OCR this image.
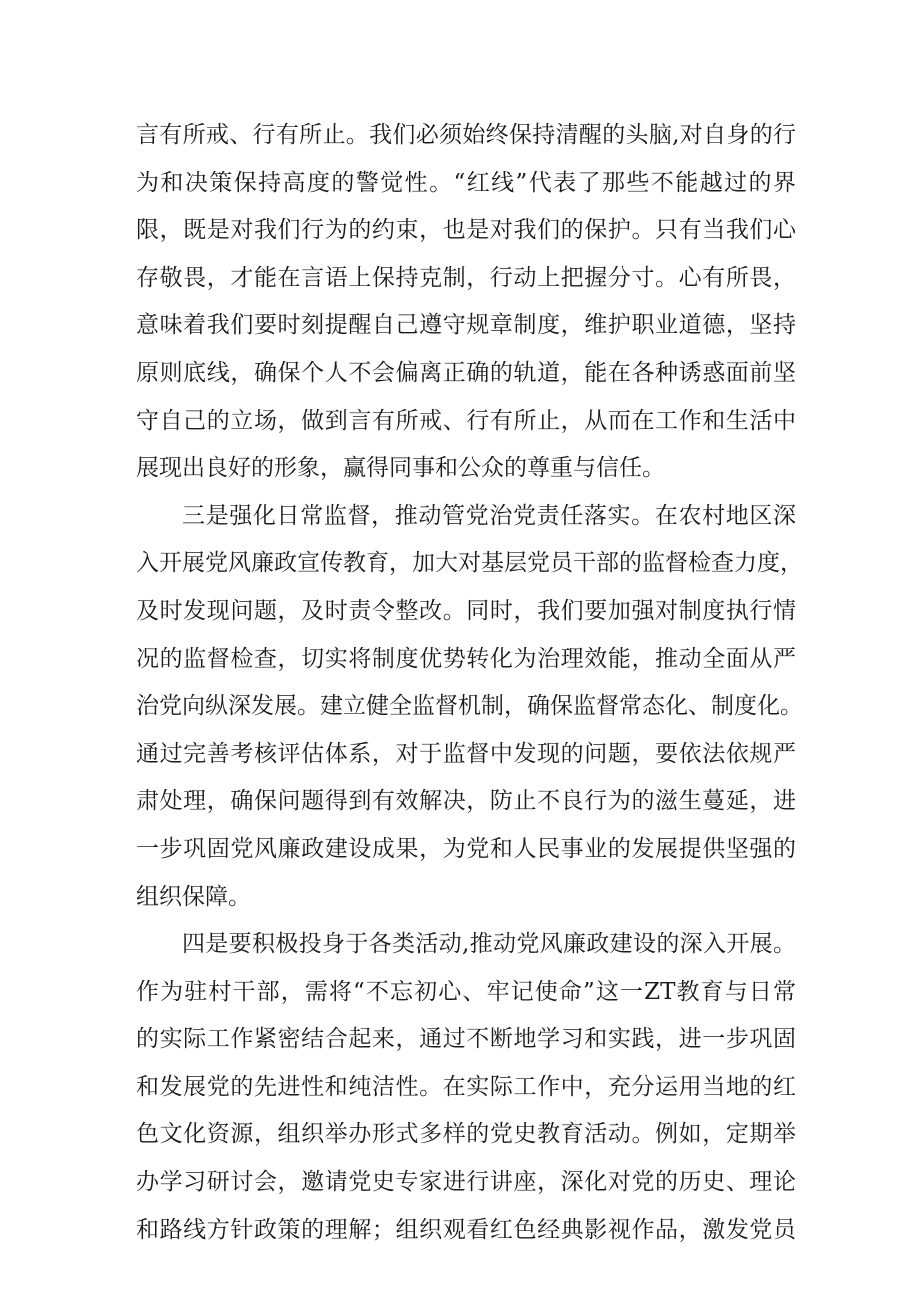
言有所戒、行有所止。我们必须始终保持清醒的头脑,对自身的行
为和决策保持高度的警觉性。“红线”代表了那些不能越过的界
限，既是对我们行为的约束，也是对我们的保护。只有当我们心
存敬畏，才能在言语上保持克制，行动上把握分寸。心有所畏，
意味着我们要时刻提醒自己遵守规章制度，维护职业道德，坚持
原则底线，确保个人不会偏离正确的轨道，能在各种诱惑面前坚
守自己的立场，做到言有所戒、行有所止，从而在工作和生活中
展现出良好的形象，赢得同事和公众的尊重与信任。
三是强化日常监督，推动管党治党责任落实。在农村地区深
入开展党风廉政宣传教育，加大对基层党员干部的监督检查力度，
及时发现问题，及时责令整改。同时，我们要加强对制度执行情
况的监督检查，切实将制度优势转化为治理效能，推动全面从严
治党向纵深发展。建立健全监督机制，确保监督常态化、制度化。
通过完善考核评估体系，对于监督中发现的问题，要依法依规严
肃处理，确保问题得到有效解决，防止不良行为的滋生蔓延，进
一步巩固党风廉政建设成果，为党和人民事业的发展提供坚强的
组织保障。
四是要积极投身于各类活动,推动党风廉政建设的深入开展。
作为驻村干部，需将“不忘初心、牢记使命”这一ZT教育与日常
的实际工作紧密结合起来，通过不断地学习和实践，进一步巩固
和发展党的先进性和纯洁性。在实际工作中，充分运用当地的红
色文化资源，组织举办形式多样的党史教育活动。例如，定期举
办学习研讨会，邀请党史专家进行讲座，深化对党的历史、理论
和路线方针政策的理解；组织观看红色经典影视作品，激发党员
